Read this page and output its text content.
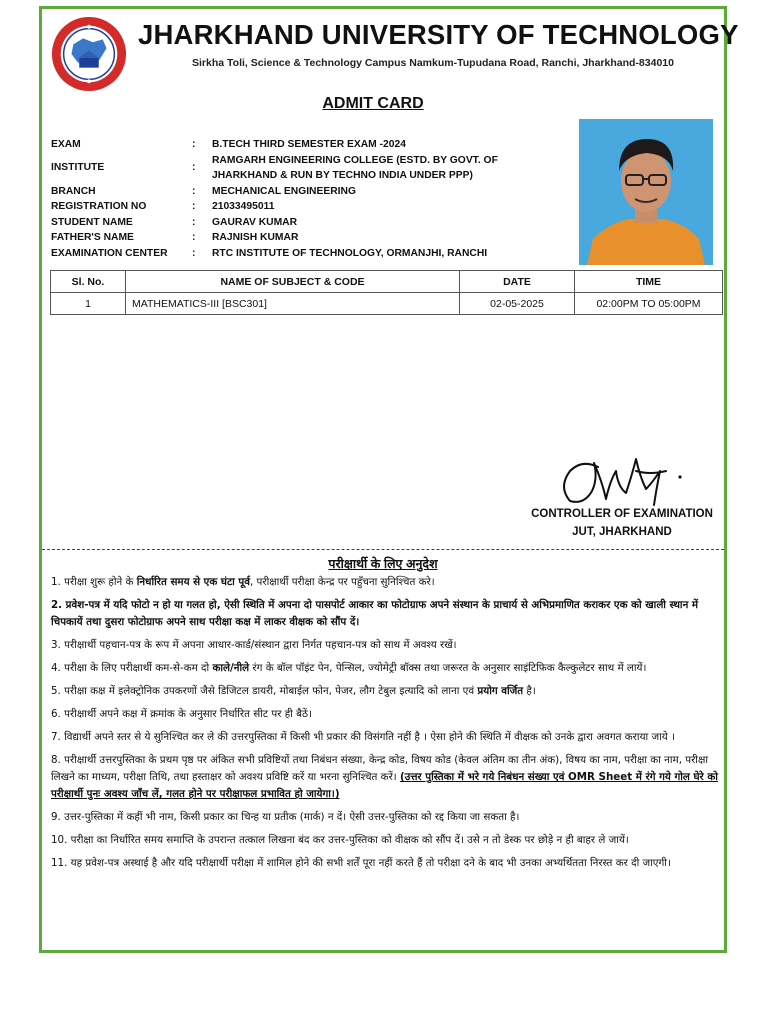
JHARKHAND UNIVERSITY OF TECHNOLOGY
Sirkha Toli, Science & Technology Campus Namkum-Tupudana Road, Ranchi, Jharkhand-834010
ADMIT CARD
EXAM	:	B.TECH THIRD SEMESTER EXAM -2024
INSTITUTE	:
RAMGARH ENGINEERING COLLEGE (ESTD. BY GOVT. OF JHARKHAND & RUN BY TECHNO INDIA UNDER PPP)
BRANCH	:	MECHANICAL ENGINEERING
REGISTRATION NO	:	21033495011
STUDENT NAME	:	GAURAV KUMAR
FATHER'S NAME	:	RAJNISH KUMAR
EXAMINATION CENTER	:	RTC INSTITUTE OF TECHNOLOGY, ORMANJHI, RANCHI
Sl. No.	NAME OF SUBJECT & CODE	DATE	TIME
1	MATHEMATICS-III [BSC301]	02-05-2025	02:00PM TO 05:00PM
CONTROLLER OF EXAMINATION
JUT, JHARKHAND
परीक्षार्थी के लिए अनुदेश
1. परीक्षा शुरू होने के निर्धारित समय से एक घंटा पूर्व, परीक्षार्थी परीक्षा केन्द्र पर पहुँचना सुनिश्चित करे।
2. प्रवेश-पत्र में यदि फोटो न हो या गलत हो, ऐसी स्थिति में अपना दो पासपोर्ट आकार का फोटोग्राफ अपने संस्थान के प्राचार्य से अभिप्रमाणित कराकर एक को खाली स्थान में चिपकायें तथा दुसरा फोटोग्राफ अपने साथ परीक्षा कक्ष में लाकर वीक्षक को सौंप दें।
3. परीक्षार्थी पहचान-पत्र के रूप में अपना आधार-कार्ड/संस्थान द्वारा निर्गत पहचान-पत्र को साथ में अवश्य रखें।
4. परीक्षा के लिए परीक्षार्थी कम-से-कम दो काले/नीले रंग के बॉल पॉइंट पेन, पेन्सिल, ज्योमेट्री बॉक्स तथा जरूरत के अनुसार साइंटिफिक कैल्कुलेटर साथ में लायें।
5. परीक्षा कक्ष में इलेक्ट्रोनिक उपकरणों जैसे डिजिटल डायरी, मोबाईल फोन, पेजर, लौग टेबुल इत्यादि को लाना एवं प्रयोग वर्जित है।
6. परीक्षार्थी अपने कक्ष में क्रमांक के अनुसार निर्धारित सीट पर ही बैठें।
7. विद्यार्थी अपने स्तर से ये सुनिश्चित कर ले की उत्तरपुस्तिका में किसी भी प्रकार की विसंगति नहीं है । ऐसा होने की स्थिति में वीक्षक को उनके द्वारा अवगत कराया जाये ।
8. परीक्षार्थी उत्तरपुस्तिका के प्रथम पृष्ठ पर अंकित सभी प्रविष्टियों तथा निबंधन संख्या, केन्द्र कोड, विषय कोड (केवल अंतिम का तीन अंक), विषय का नाम, परीक्षा का नाम, परीक्षा लिखने का माध्यम, परीक्षा तिथि, तथा हस्ताक्षर को अवश्य प्रविष्टि करें या भरना सुनिश्चित करें। (उत्तर पुस्तिका में भरे गये निबंधन संख्या एवं OMR Sheet में रंगे गये गोल घेरे को परीक्षार्थी पुनः अवश्य जाँच लें, गलत होने पर परीक्षाफल प्रभावित हो जायेगा।)
9. उत्तर-पुस्तिका में कहीं भी नाम, किसी प्रकार का चिन्ह या प्रतीक (मार्क) न दें। ऐसी उत्तर-पुस्तिका को रद्द किया जा सकता है।
10. परीक्षा का निर्धारित समय समाप्ति के उपरान्त तत्काल लिखना बंद कर उत्तर-पुस्तिका को वीक्षक को सौंप दें। उसे न तो डेस्क पर छोड़े न ही बाहर ले जायें।
11. यह प्रवेश-पत्र अस्थाई है और यदि परीक्षार्थी परीक्षा में शामिल होने की सभी शर्तें पूरा नहीं करते हैं तो परीक्षा दने के बाद भी उनका अभ्यर्थितता निरस्त कर दी जाएगी।
